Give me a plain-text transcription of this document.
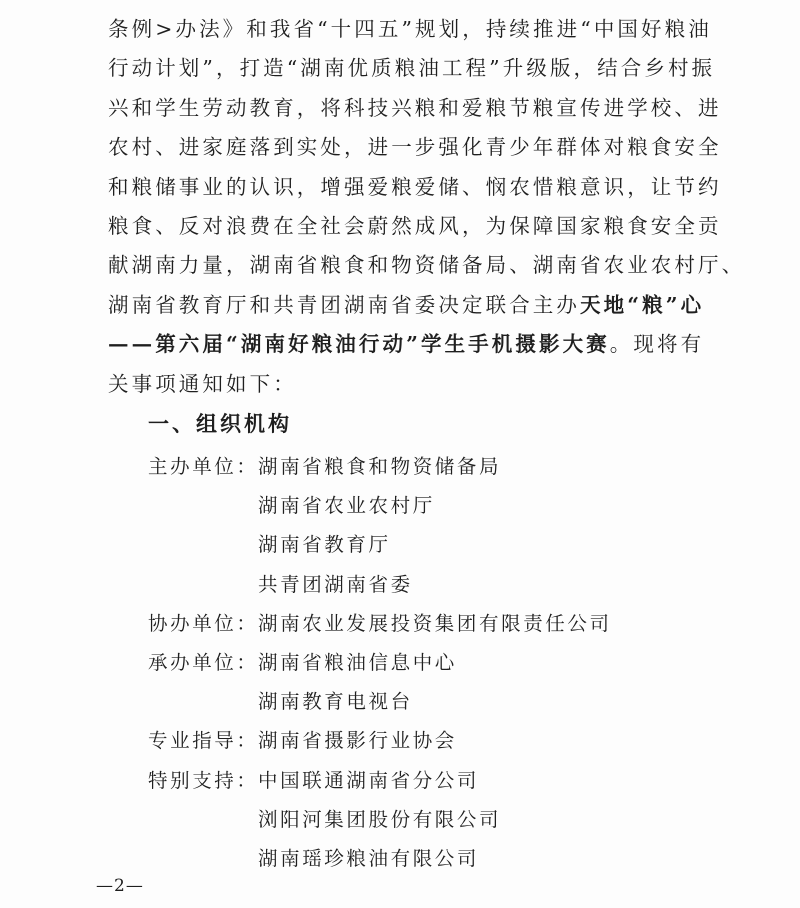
条例>办法》和我省“十四五”规划，持续推进“中国好粮油
行动计划”，打造“湖南优质粮油工程”升级版，结合乡村振
兴和学生劳动教育，将科技兴粮和爱粮节粮宣传进学校、进
农村、进家庭落到实处，进一步强化青少年群体对粮食安全
和粮储事业的认识，增强爱粮爱储、悯农惜粮意识，让节约
粮食、反对浪费在全社会蔚然成风，为保障国家粮食安全贡
献湖南力量，湖南省粮食和物资储备局、湖南省农业农村厅、
湖南省教育厅和共青团湖南省委决定联合主办天地“粮”心
——第六届“湖南好粮油行动”学生手机摄影大赛。现将有
关事项通知如下：
一、组织机构
主办单位： 湖南省粮食和物资储备局
湖南省农业农村厅
湖南省教育厅
共青团湖南省委
协办单位： 湖南农业发展投资集团有限责任公司
承办单位： 湖南省粮油信息中心
湖南教育电视台
专业指导： 湖南省摄影行业协会
特别支持： 中国联通湖南省分公司
浏阳河集团股份有限公司
湖南瑶珍粮油有限公司
—2—
